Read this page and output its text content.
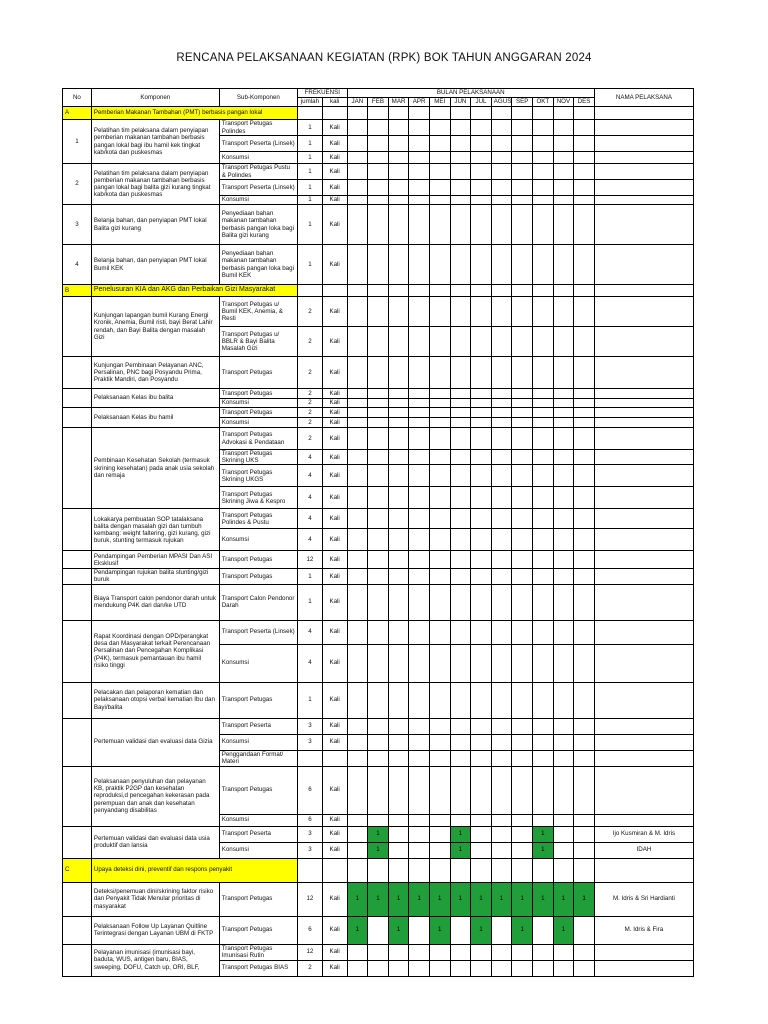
RENCANA PELAKSANAAN KEGIATAN (RPK) BOK TAHUN ANGGARAN 2024
No	Komponen	Sub-Komponen	FREKUENSI		BULAN PELAKSANAAN												NAMA PELAKSANA
			jumlah	kali	JAN	FEB	MAR	APR	MEI	JUN	JUL	AGUS	SEP	OKT	NOV	DES	
A	Pemberian Makanan Tambahan (PMT) berbasis pangan lokal																
1	Pelatihan tim pelaksana dalam penyiapan pemberian makanan tambahan berbasis pangan lokal bagi ibu hamil kek tingkat kab/kota dan puskesmas	Transport Petugas Polindes	1	Kali													
		Transport Peserta (Linsek)	1	Kali													
		Konsumsi	1	Kali													
2	Pelatihan tim pelaksana dalam penyiapan pemberian makanan tambahan berbasis pangan lokal bagi balita gizi kurang tingkat kab/kota dan puskesmas	Transport Petugas Pustu & Polindes	1	Kali													
		Transport Peserta (Linsek)	1	Kali													
		Konsumsi	1	Kali													
3	Belanja bahan, dan penyiapan PMT lokal Balita gizi kurang	Penyediaan bahan makanan tambahan berbasis pangan loka bagi Balita gizi kurang	1	Kali													
4	Belanja bahan, dan penyiapan PMT lokal Bumil KEK	Penyediaan bahan makanan tambahan berbasis pangan loka bagi Bumil KEK	1	Kali													
B	Penelusuran KIA dan AKG dan Perbaikan Gizi Masyarakat																
	Kunjungan lapangan bumil Kurang Energi Kronik, Anemia, Bumil risti, bayi Berat Lahir rendah, dan Bayi Balita dengan masalah Gizi	Transport Petugas u/ Bumil KEK, Anemia, & Resti	2	Kali													
		Transport Petugas u/ BBLR & Bayi Balita Masalah Gizi	2	Kali													
	Kunjungan Pembinaan Pelayanan ANC, Persalinan, PNC bagi Posyandu Prima, Praktik Mandiri, dan Posyandu	Transport Petugas	2	Kali													
	Pelaksanaan Kelas ibu balita	Transport Petugas	2	Kali													
		Konsumsi	2	Kali													
	Pelaksanaan Kelas ibu hamil	Transport Petugas	2	Kali													
		Konsumsi	2	Kali													
	Pembinaan Kesehatan Sekolah (termasuk skrining kesehatan) pada anak usia sekolah dan remaja	Transport Petugas Advokasi & Pendataan	2	Kali													
		Transport Petugas Skrining UKS	4	Kali													
		Transport Petugas Skrining UKGS	4	Kali													
		Transport Petugas Skrining Jiwa & Kespro	4	Kali													
	Lokakarya pembuatan SOP tatalaksana balita dengan masalah gizi dan tumbuh kembang: weight faltering, gizi kurang, gizi buruk, stunting termasuk rujukan	Transport Petugas Polindes & Pustu	4	Kali													
		Konsumsi	4	Kali													
	Pendampingan Pemberian MPASI Dan ASI Eksklusif	Transport Petugas	12	Kali													
	Pendampingan rujukan balita stunting/gizi buruk	Transport Petugas	1	Kali													
	Biaya Transport calon pendonor darah untuk mendukung P4K dari dan/ke UTD	Transport Calon Pendonor Darah	1	Kali													
	Rapat Koordinasi dengan OPD/perangkat desa dan Masyarakat terkait Perencanaan Persalinan dan Pencegahan Komplikasi (P4K), termasuk pemantauan ibu hamil risiko tinggi	Transport Peserta (Linsek)	4	Kali													
		Konsumsi	4	Kali													
	Pelacakan dan pelaporan kematian dan pelaksanaan otopsi verbal kematian Ibu dan Bayi/balita	Transport Petugas	1	Kali													
	Pertemuan validasi dan evaluasi data Gizia	Transport Peserta	3	Kali													
		Konsumsi	3	Kali													
		Penggandaan Format/ Materi															
	Pelaksanaan penyuluhan dan pelayanan KB, praktik P2GP dan kesehatan reproduksi,d pencegahan kekerasan pada perempuan dan anak dan kesehatan penyandang disabilitas	Transport Petugas	6	Kali													
		Konsumsi	6	Kali													
	Pertemuan validasi dan evaluasi data usia produktif dan lansia	Transport Peserta	3	Kali		1				1				1			Ijo Kusmiran & M. Idris
		Konsumsi	3	Kali		1				1				1			IDAH
C	Upaya deteksi dini, preventif dan respons penyakit																
	Deteksi/penemuan dini/skrining faktor risiko dan Penyakit Tidak Menular prioritas di masyarakat	Transport Petugas	12	Kali	1	1	1	1	1	1	1	1	1	1	1	1	M. Idris & Sri Hardianti
	Pelaksanaan Follow Up Layanan Quitline Terintegrasi dengan Layanan UBM di FKTP	Transport Petugas	6	Kali	1		1		1		1		1		1		M. Idris & Fira
	Pelayanan imunisasi (imunisasi bayi, baduta, WUS, antigen baru, BIAS, sweeping, DOFU, Catch up, ORI, BLF,	Transport Petugas Imunisasi Rutin	12	Kali													
		Transport Petugas BIAS	2	Kali													
